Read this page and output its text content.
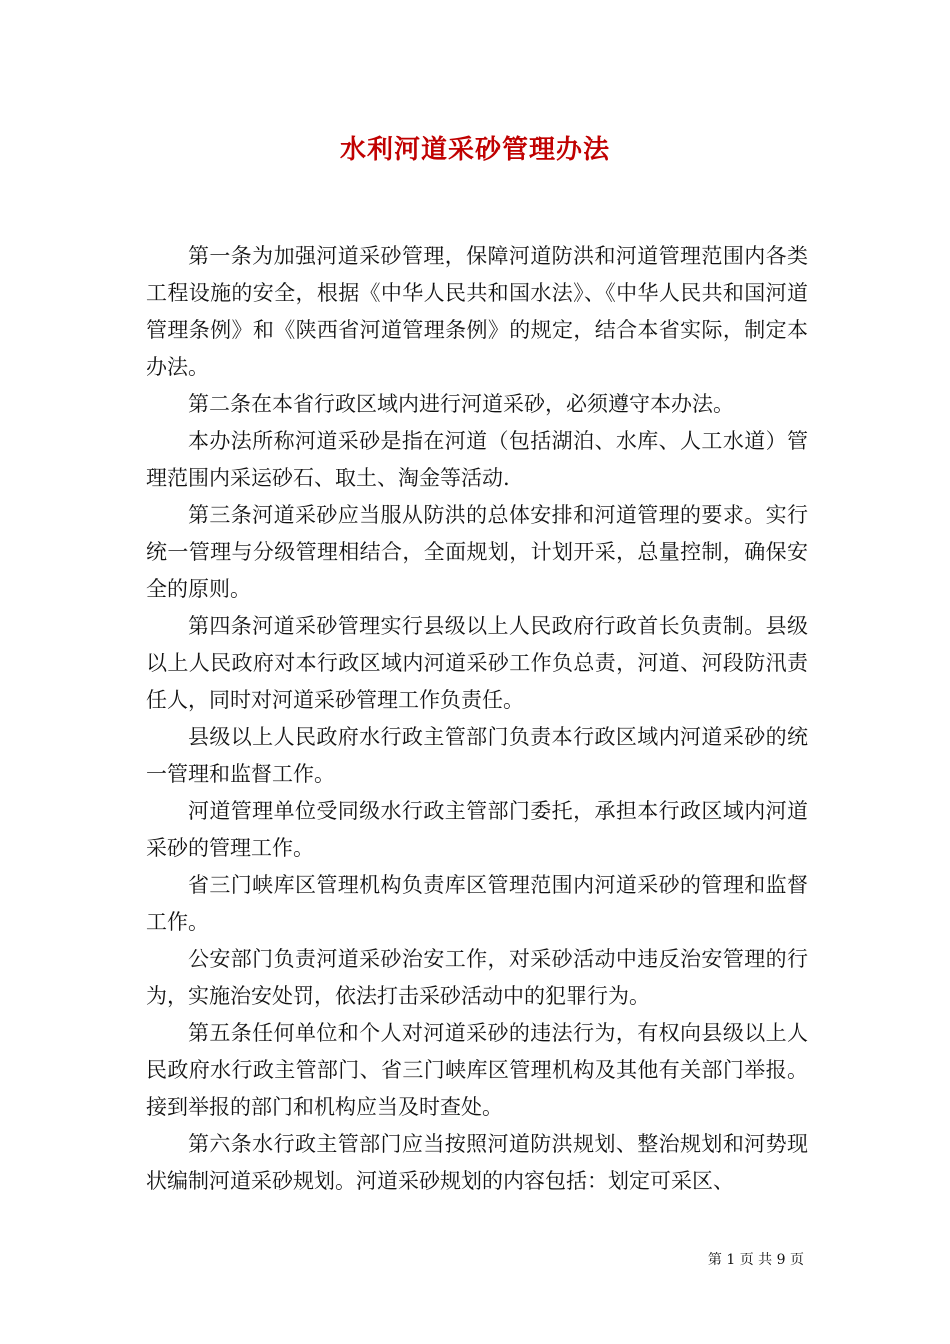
水利河道采砂管理办法

第一条为加强河道采砂管理，保障河道防洪和河道管理范围内各类工程设施的安全，根据《中华人民共和国水法》、《中华人民共和国河道管理条例》和《陕西省河道管理条例》的规定，结合本省实际，制定本办法。

第二条在本省行政区域内进行河道采砂，必须遵守本办法。

本办法所称河道采砂是指在河道（包括湖泊、水库、人工水道）管理范围内采运砂石、取土、淘金等活动.

第三条河道采砂应当服从防洪的总体安排和河道管理的要求。实行统一管理与分级管理相结合，全面规划，计划开采，总量控制，确保安全的原则。

第四条河道采砂管理实行县级以上人民政府行政首长负责制。县级以上人民政府对本行政区域内河道采砂工作负总责，河道、河段防汛责任人，同时对河道采砂管理工作负责任。

县级以上人民政府水行政主管部门负责本行政区域内河道采砂的统一管理和监督工作。

河道管理单位受同级水行政主管部门委托，承担本行政区域内河道采砂的管理工作。

省三门峡库区管理机构负责库区管理范围内河道采砂的管理和监督工作。

公安部门负责河道采砂治安工作，对采砂活动中违反治安管理的行为，实施治安处罚，依法打击采砂活动中的犯罪行为。

第五条任何单位和个人对河道采砂的违法行为，有权向县级以上人民政府水行政主管部门、省三门峡库区管理机构及其他有关部门举报。接到举报的部门和机构应当及时查处。

第六条水行政主管部门应当按照河道防洪规划、整治规划和河势现状编制河道采砂规划。河道采砂规划的内容包括：划定可采区、

第 1 页 共 9 页
